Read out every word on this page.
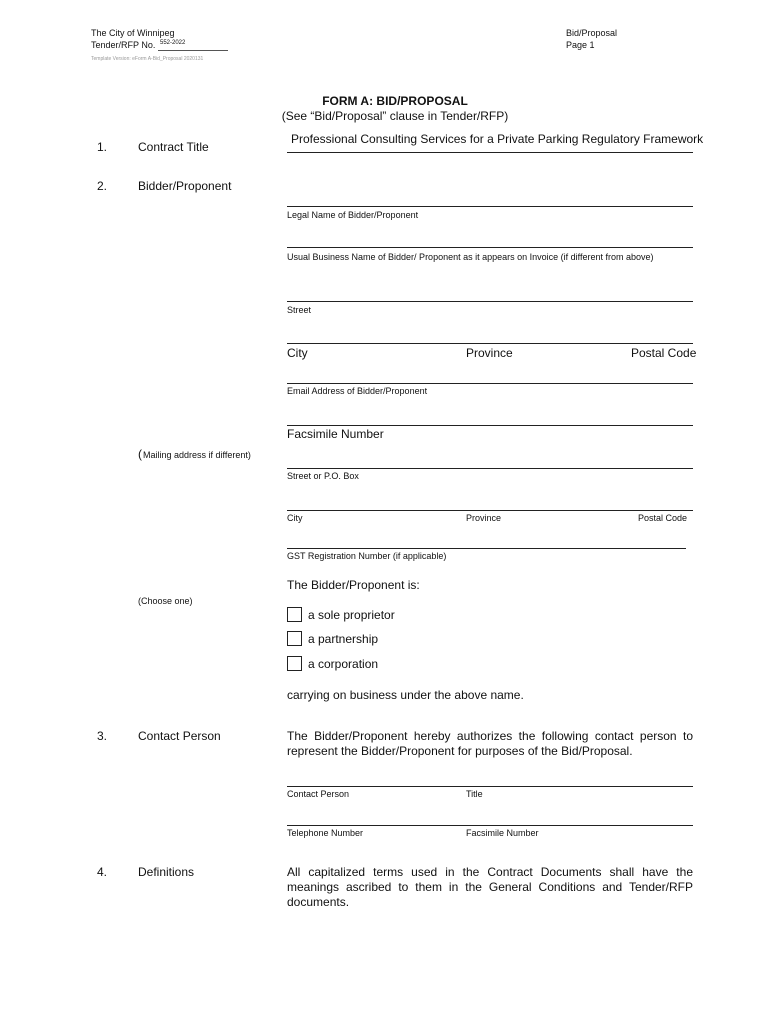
The City of Winnipeg
Tender/RFP No. 552-2022
Template Version: eForm A-Bid_Proposal 2020131
Bid/Proposal
Page 1
FORM A: BID/PROPOSAL
(See “Bid/Proposal” clause in Tender/RFP)
1.	Contract Title
Professional Consulting Services for a Private Parking Regulatory Framework
2.	Bidder/Proponent
Legal Name of Bidder/Proponent
Usual Business Name of Bidder/ Proponent as it appears on Invoice (if different from above)
Street
City	Province	Postal Code
Email Address of Bidder/Proponent
Facsimile Number
( Mailing address if different)
Street or P.O. Box
City	Province	Postal Code
GST Registration Number (if applicable)
The Bidder/Proponent is:
(Choose one)
a sole proprietor
a partnership
a corporation
carrying on business under the above name.
3.	Contact Person	The Bidder/Proponent hereby authorizes the following contact person to represent the Bidder/Proponent for purposes of the Bid/Proposal.
Contact Person	Title
Telephone Number	Facsimile Number
4.	Definitions	All capitalized terms used in the Contract Documents shall have the meanings ascribed to them in the General Conditions and Tender/RFP documents.
